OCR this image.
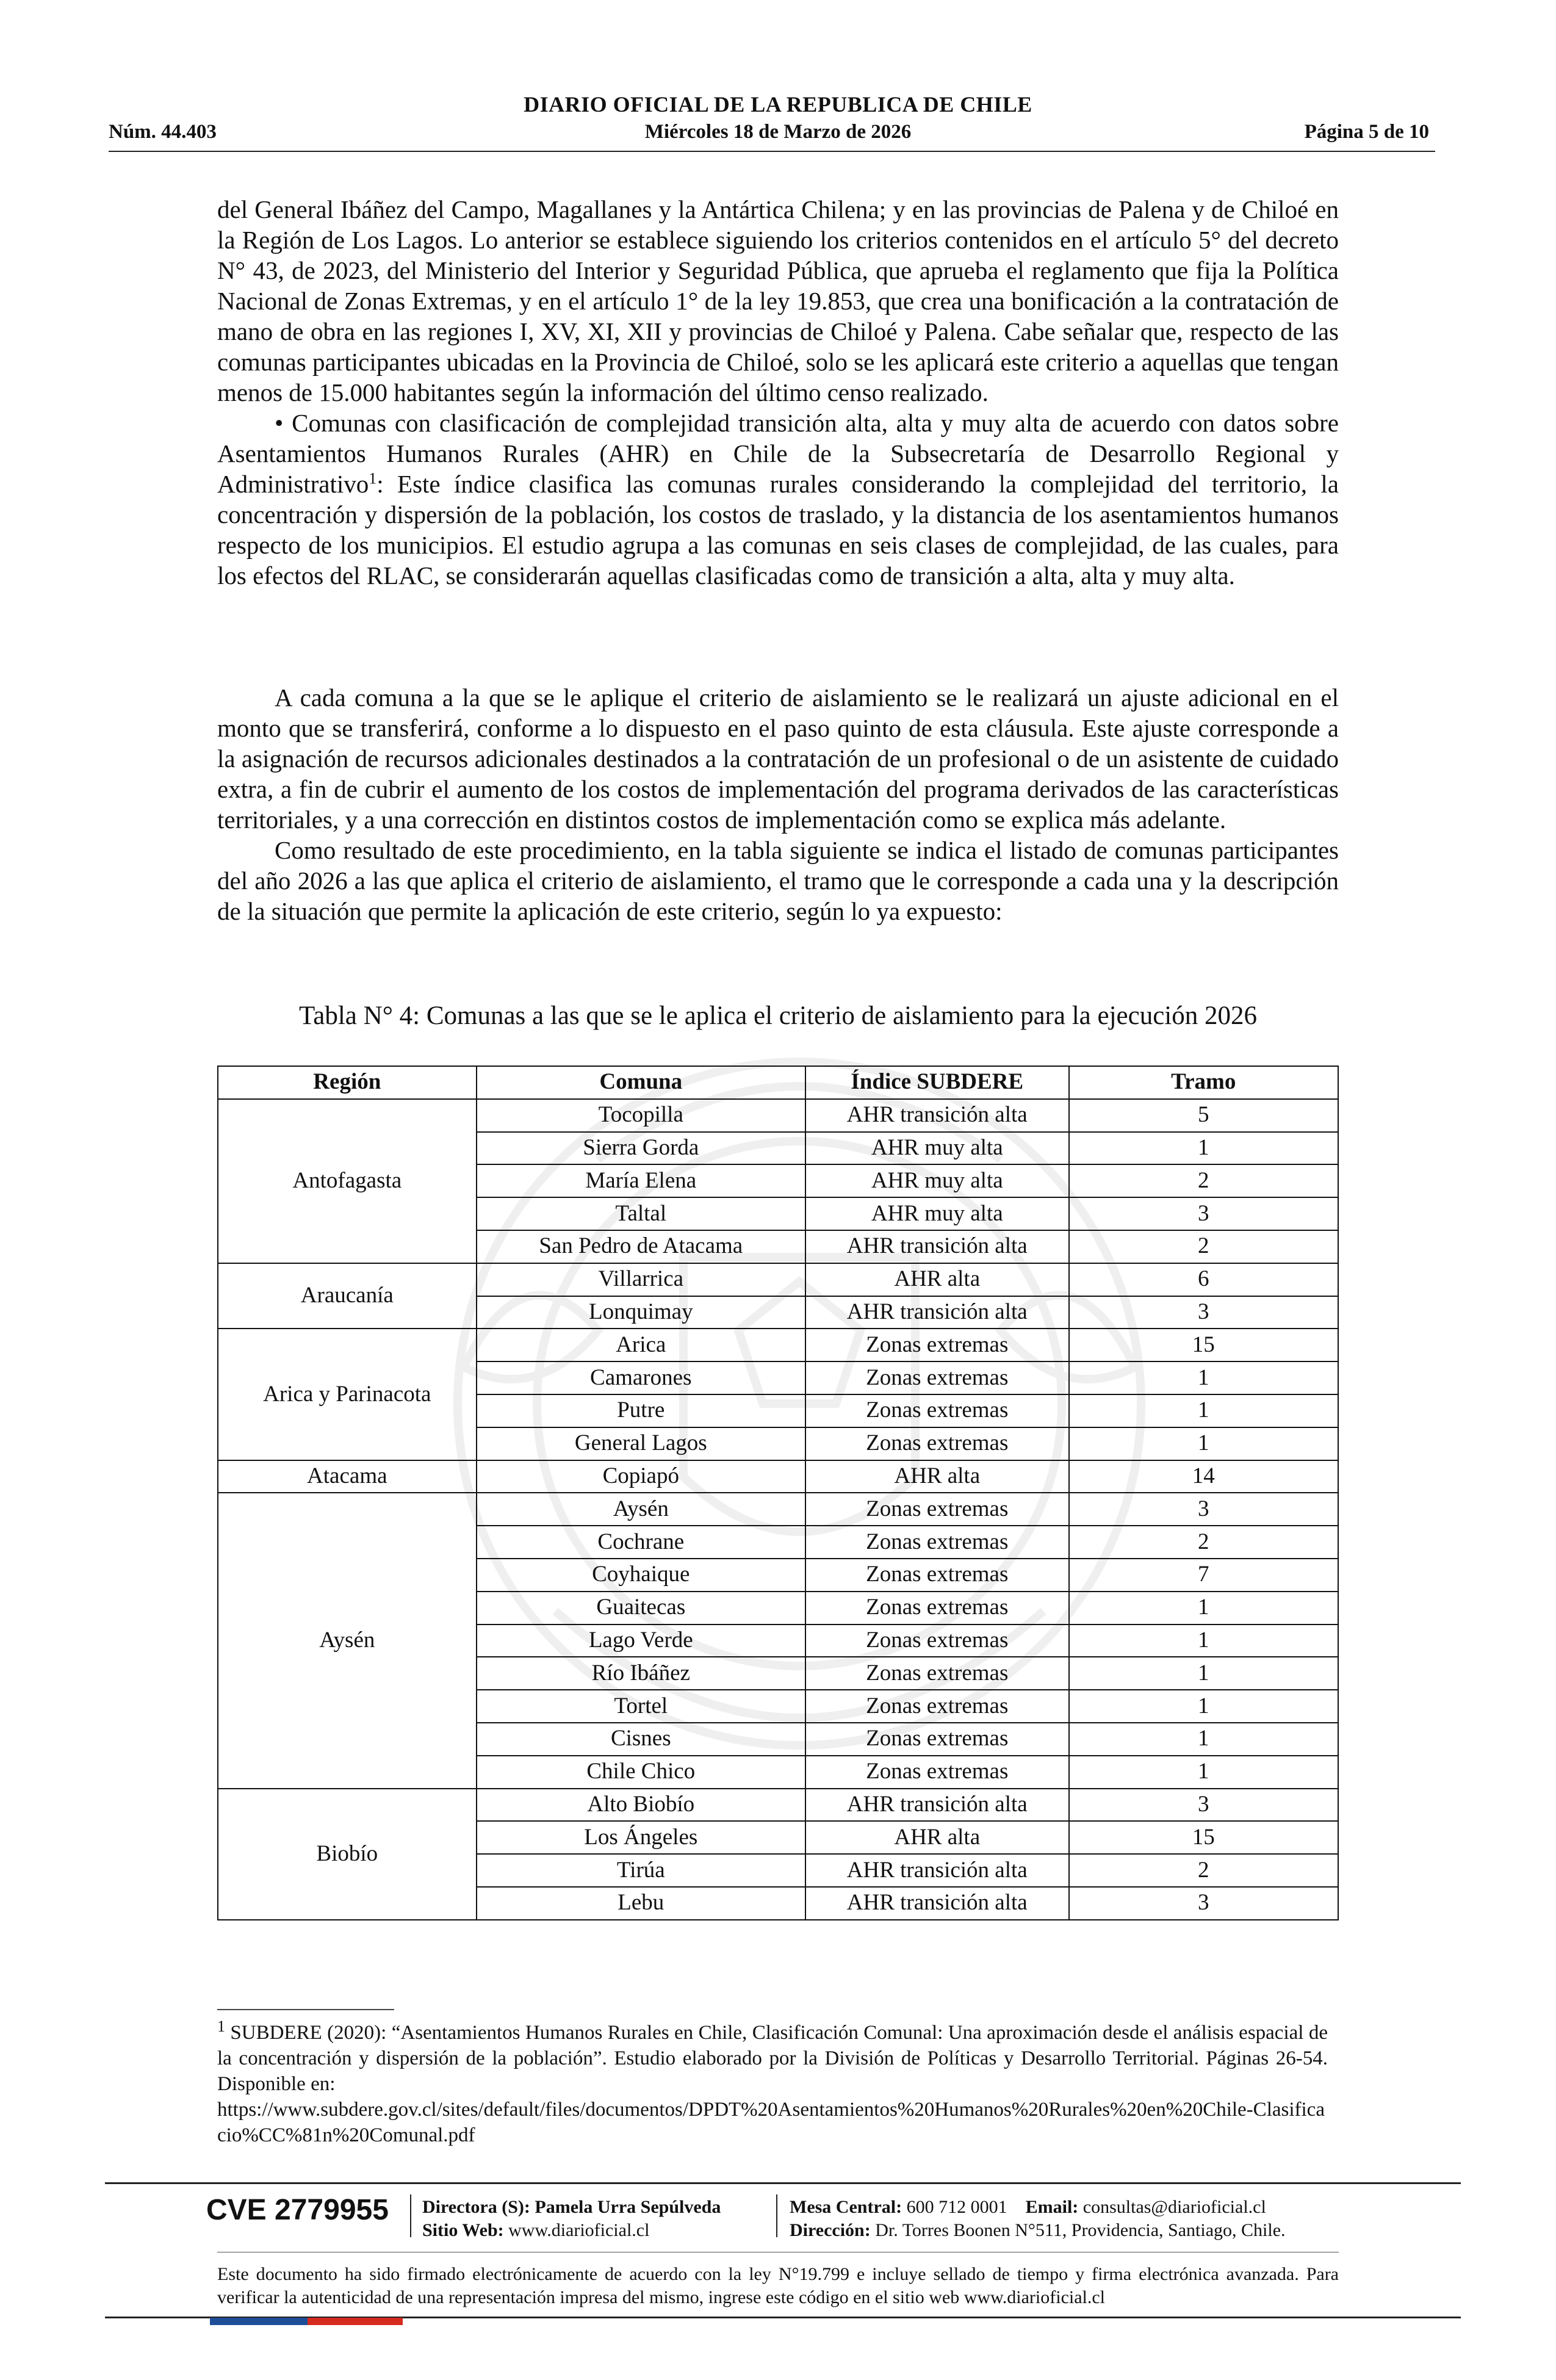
DIARIO OFICIAL DE LA REPUBLICA DE CHILE
Núm. 44.403	Miércoles 18 de Marzo de 2026	Página 5 de 10

del General Ibáñez del Campo, Magallanes y la Antártica Chilena; y en las provincias de Palena y de Chiloé en la Región de Los Lagos. Lo anterior se establece siguiendo los criterios contenidos en el artículo 5° del decreto N° 43, de 2023, del Ministerio del Interior y Seguridad Pública, que aprueba el reglamento que fija la Política Nacional de Zonas Extremas, y en el artículo 1° de la ley 19.853, que crea una bonificación a la contratación de mano de obra en las regiones I, XV, XI, XII y provincias de Chiloé y Palena. Cabe señalar que, respecto de las comunas participantes ubicadas en la Provincia de Chiloé, solo se les aplicará este criterio a aquellas que tengan menos de 15.000 habitantes según la información del último censo realizado.

• Comunas con clasificación de complejidad transición alta, alta y muy alta de acuerdo con datos sobre Asentamientos Humanos Rurales (AHR) en Chile de la Subsecretaría de Desarrollo Regional y Administrativo$^1$: Este índice clasifica las comunas rurales considerando la complejidad del territorio, la concentración y dispersión de la población, los costos de traslado, y la distancia de los asentamientos humanos respecto de los municipios. El estudio agrupa a las comunas en seis clases de complejidad, de las cuales, para los efectos del RLAC, se considerarán aquellas clasificadas como de transición a alta, alta y muy alta.

A cada comuna a la que se le aplique el criterio de aislamiento se le realizará un ajuste adicional en el monto que se transferirá, conforme a lo dispuesto en el paso quinto de esta cláusula. Este ajuste corresponde a la asignación de recursos adicionales destinados a la contratación de un profesional o de un asistente de cuidado extra, a fin de cubrir el aumento de los costos de implementación del programa derivados de las características territoriales, y a una corrección en distintos costos de implementación como se explica más adelante.

Como resultado de este procedimiento, en la tabla siguiente se indica el listado de comunas participantes del año 2026 a las que aplica el criterio de aislamiento, el tramo que le corresponde a cada una y la descripción de la situación que permite la aplicación de este criterio, según lo ya expuesto:

Tabla N° 4: Comunas a las que se le aplica el criterio de aislamiento para la ejecución 2026
Región	Comuna	Índice SUBDERE	Tramo
Antofagasta	Tocopilla	AHR transición alta	5
	Sierra Gorda	AHR muy alta	1
	María Elena	AHR muy alta	2
	Taltal	AHR muy alta	3
	San Pedro de Atacama	AHR transición alta	2
Araucanía	Villarrica	AHR alta	6
	Lonquimay	AHR transición alta	3
Arica y Parinacota	Arica	Zonas extremas	15
	Camarones	Zonas extremas	1
	Putre	Zonas extremas	1
	General Lagos	Zonas extremas	1
Atacama	Copiapó	AHR alta	14
Aysén	Aysén	Zonas extremas	3
	Cochrane	Zonas extremas	2
	Coyhaique	Zonas extremas	7
	Guaitecas	Zonas extremas	1
	Lago Verde	Zonas extremas	1
	Río Ibáñez	Zonas extremas	1
	Tortel	Zonas extremas	1
	Cisnes	Zonas extremas	1
	Chile Chico	Zonas extremas	1
Biobío	Alto Biobío	AHR transición alta	3
	Los Ángeles	AHR alta	15
	Tirúa	AHR transición alta	2
	Lebu	AHR transición alta	3

$^1$ SUBDERE (2020): “Asentamientos Humanos Rurales en Chile, Clasificación Comunal: Una aproximación desde el análisis espacial de la concentración y dispersión de la población”. Estudio elaborado por la División de Políticas y Desarrollo Territorial. Páginas 26-54. Disponible en:

https://www.subdere.gov.cl/sites/default/files/documentos/DPDT%20Asentamientos%20Humanos%20Rurales%20en%20Chile-Clasificacio%CC%81n%20Comunal.pdf

CVE 2779955 Directora (S): Pamela Urra Sepúlveda
Sitio Web: www.diarioficial.cl
Mesa Central: 600 712 0001 Email: consultas@diarioficial.cl
Dirección: Dr. Torres Boonen N°511, Providencia, Santiago, Chile.
Este documento ha sido firmado electrónicamente de acuerdo con la ley N°19.799 e incluye sellado de tiempo y firma electrónica avanzada. Para verificar la autenticidad de una representación impresa del mismo, ingrese este código en el sitio web www.diarioficial.cl
